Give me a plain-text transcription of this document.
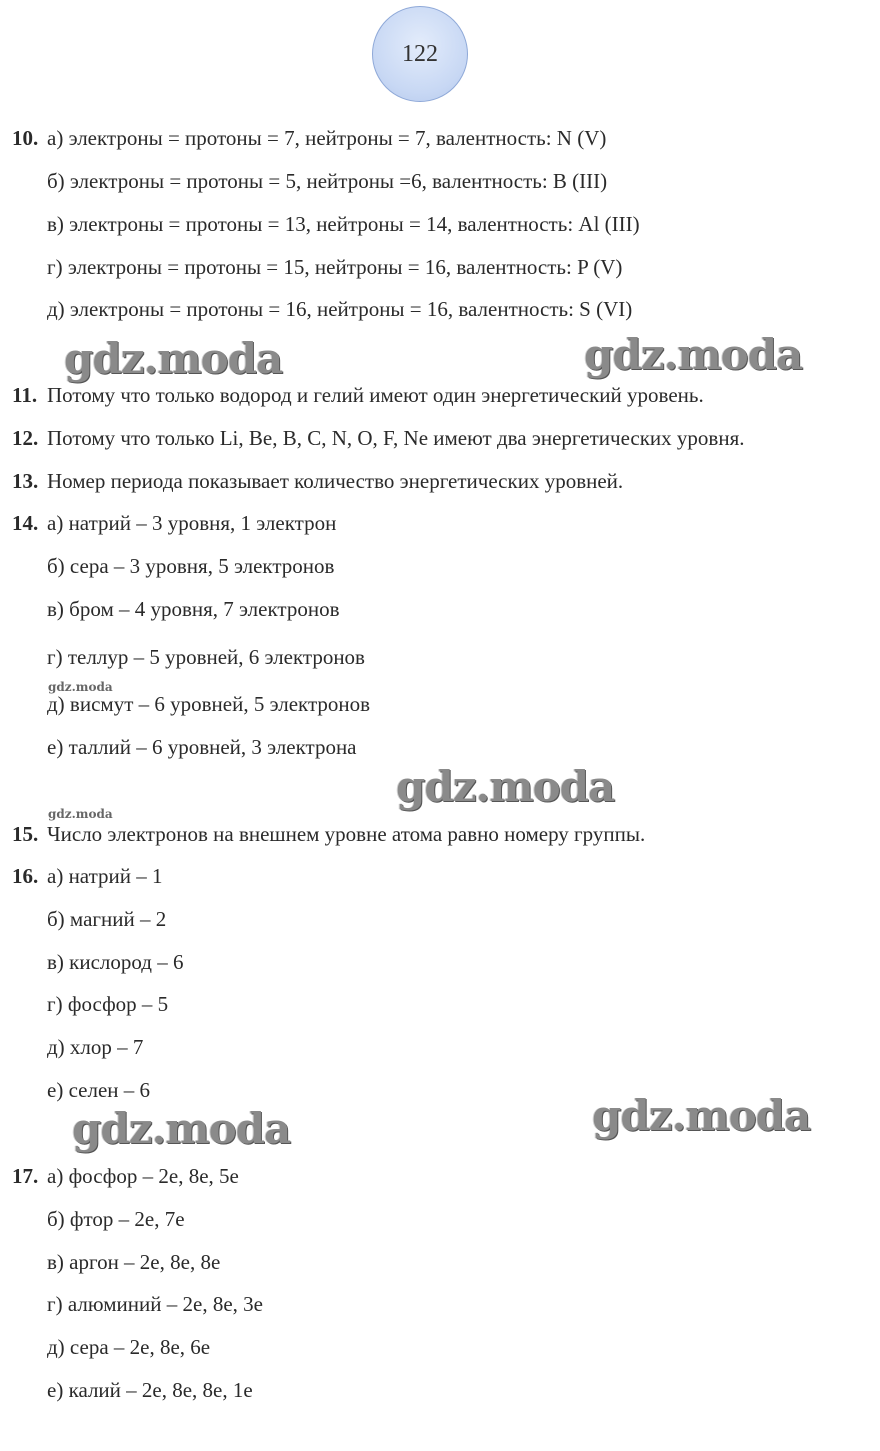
122
10. а) электроны = протоны = 7, нейтроны = 7, валентность: N (V)
б) электроны = протоны = 5, нейтроны =6, валентность: B (III)
в) электроны = протоны = 13, нейтроны = 14, валентность: Al (III)
г) электроны = протоны = 15, нейтроны = 16, валентность: P (V)
д) электроны = протоны = 16, нейтроны = 16, валентность: S (VI)
gdz.moda	gdz.moda
11. Потому что только водород и гелий имеют один энергетический уровень.
12. Потому что только Li, Be, B, C, N, O, F, Ne имеют два энергетических уровня.
13. Номер периода показывает количество энергетических уровней.
14. а) натрий – 3 уровня, 1 электрон
б) сера – 3 уровня, 5 электронов
в) бром – 4 уровня, 7 электронов
г) теллур – 5 уровней, 6 электронов
gdz.moda
д) висмут – 6 уровней, 5 электронов
е) таллий – 6 уровней, 3 электрона
gdz.moda
gdz.moda
15. Число электронов на внешнем уровне атома равно номеру группы.
16. а) натрий – 1
б) магний – 2
в) кислород – 6
г) фосфор – 5
д) хлор – 7
е) селен – 6
gdz.moda	gdz.moda
17. а) фосфор – 2е, 8е, 5е
б) фтор – 2е, 7е
в) аргон – 2е, 8е, 8е
г) алюминий – 2е, 8е, 3е
д) сера – 2е, 8е, 6е
е) калий – 2е, 8е, 8е, 1е
